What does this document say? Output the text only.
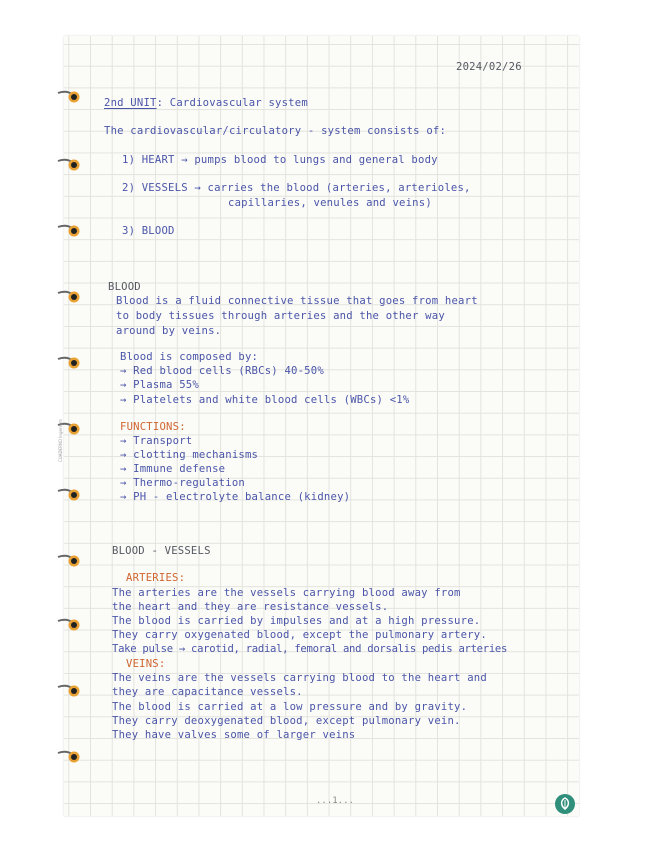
CUADERNO Ingenium
2024/02/26
2nd UNIT: Cardiovascular system
The cardiovascular/circulatory - system consists of:
1) HEART → pumps blood to lungs and general body
2) VESSELS → carries the blood (arteries, arterioles,
capillaries, venules and veins)
3) BLOOD
BLOOD
Blood is a fluid connective tissue that goes from heart
to body tissues through arteries and the other way
around by veins.
Blood is composed by:
→ Red blood cells (RBCs) 40-50%
→ Plasma 55%
→ Platelets and white blood cells (WBCs) <1%
FUNCTIONS:
→ Transport
→ clotting mechanisms
→ Immune defense
→ Thermo-regulation
→ PH - electrolyte balance (kidney)
BLOOD - VESSELS
ARTERIES:
The arteries are the vessels carrying blood away from
the heart and they are resistance vessels.
The blood is carried by impulses and at a high pressure.
They carry oxygenated blood, except the pulmonary artery.
Take pulse → carotid, radial, femoral and dorsalis pedis arteries
VEINS:
The veins are the vessels carrying blood to the heart and
they are capacitance vessels.
The blood is carried at a low pressure and by gravity.
They carry deoxygenated blood, except pulmonary vein.
They have valves some of larger veins
...1...
